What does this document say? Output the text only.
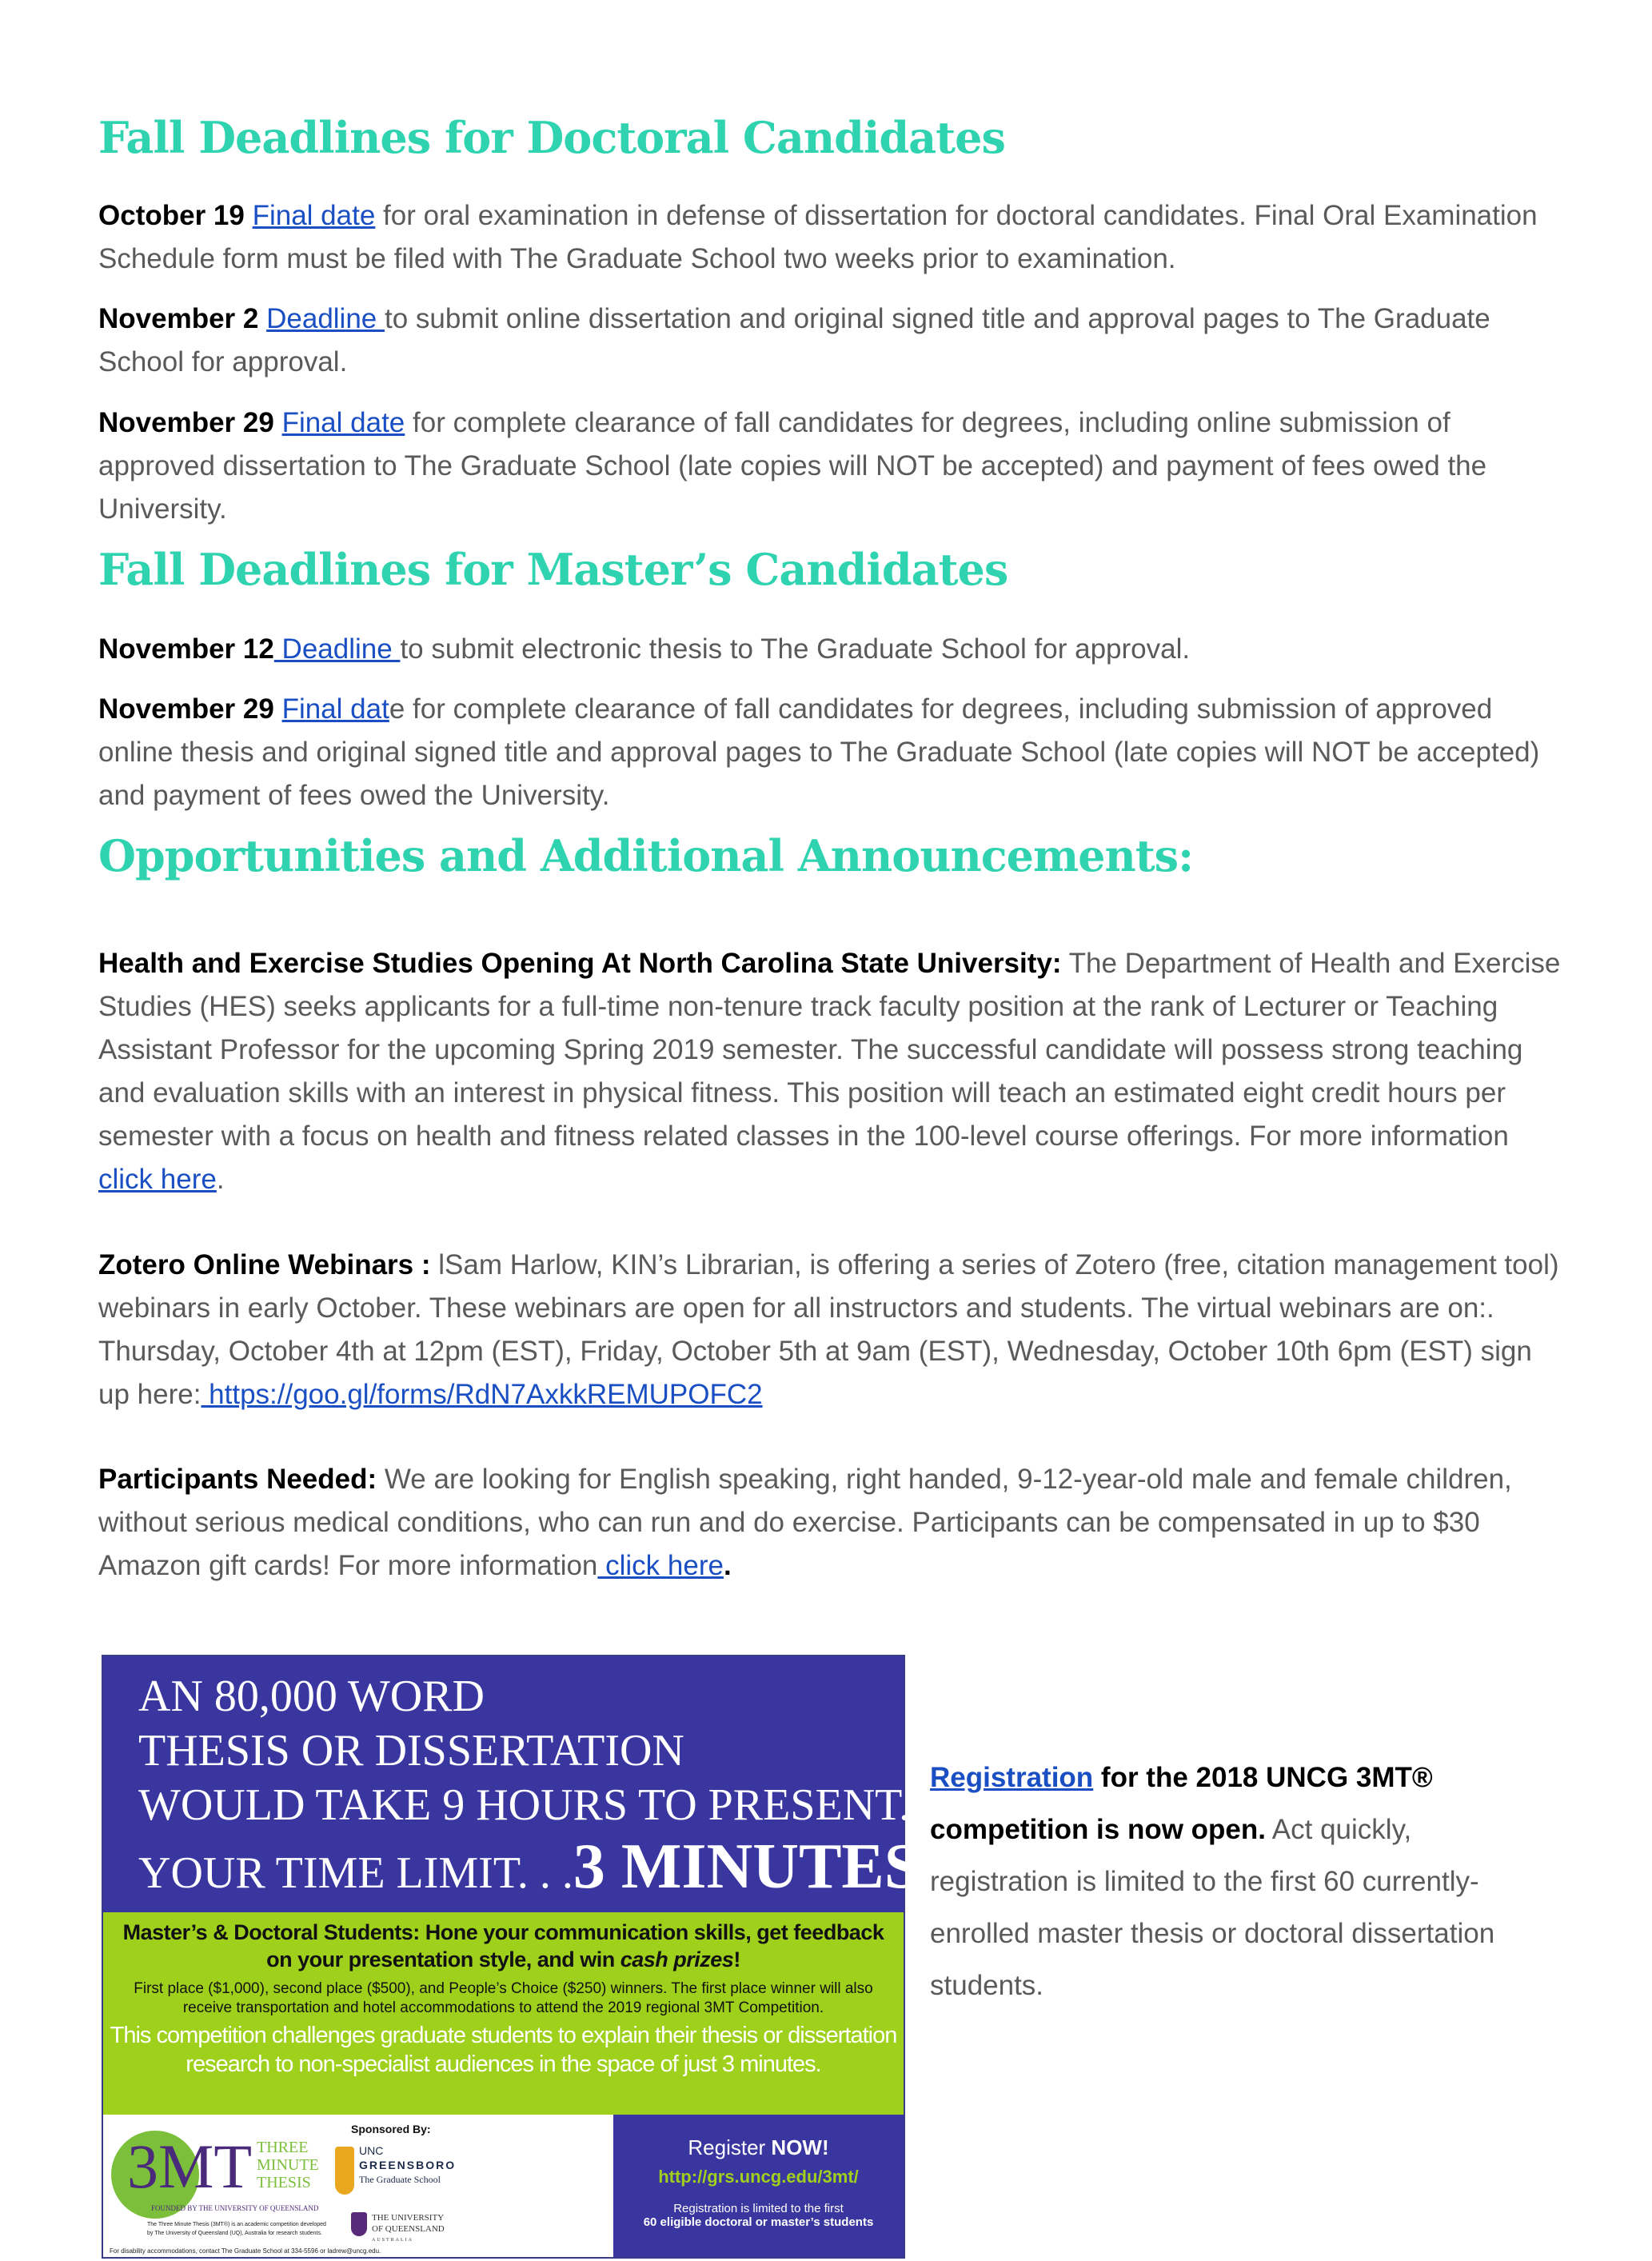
Fall Deadlines for Doctoral Candidates
October 19 Final date for oral examination in defense of dissertation for doctoral candidates. Final Oral Examination Schedule form must be filed with The Graduate School two weeks prior to examination.
November 2 Deadline to submit online dissertation and original signed title and approval pages to The Graduate School for approval.
November 29 Final date for complete clearance of fall candidates for degrees, including online submission of approved dissertation to The Graduate School (late copies will NOT be accepted) and payment of fees owed the University.
Fall Deadlines for Master’s Candidates
November 12 Deadline to submit electronic thesis to The Graduate School for approval.
November 29 Final date for complete clearance of fall candidates for degrees, including submission of approved online thesis and original signed title and approval pages to The Graduate School (late copies will NOT be accepted) and payment of fees owed the University.
Opportunities and Additional Announcements:
Health and Exercise Studies Opening At North Carolina State University: The Department of Health and Exercise Studies (HES) seeks applicants for a full-time non-tenure track faculty position at the rank of Lecturer or Teaching Assistant Professor for the upcoming Spring 2019 semester. The successful candidate will possess strong teaching and evaluation skills with an interest in physical fitness. This position will teach an estimated eight credit hours per semester with a focus on health and fitness related classes in the 100-level course offerings. For more information click here.
Zotero Online Webinars : lSam Harlow, KIN’s Librarian, is offering a series of Zotero (free, citation management tool) webinars in early October. These webinars are open for all instructors and students. The virtual webinars are on:. Thursday, October 4th at 12pm (EST), Friday, October 5th at 9am (EST), Wednesday, October 10th 6pm (EST) sign up here: https://goo.gl/forms/RdN7AxkkREMUPOFC2
Participants Needed: We are looking for English speaking, right handed, 9-12-year-old male and female children, without serious medical conditions, who can run and do exercise. Participants can be compensated in up to $30 Amazon gift cards! For more information click here.
AN 80,000 WORD
THESIS OR DISSERTATION
WOULD TAKE 9 HOURS TO PRESENT.
YOUR TIME LIMIT. . .3 MINUTES.
Master’s & Doctoral Students: Hone your communication skills, get feedback on your presentation style, and win cash prizes!
First place ($1,000), second place ($500), and People’s Choice ($250) winners. The first place winner will also receive transportation and hotel accommodations to attend the 2019 regional 3MT Competition.
This competition challenges graduate students to explain their thesis or dissertation research to non-specialist audiences in the space of just 3 minutes.
3MT THREE
MINUTE
THESIS
FOUNDED BY THE UNIVERSITY OF QUEENSLAND
Sponsored By:
UNC
GREENSBORO
The Graduate School
THE UNIVERSITY
OF QUEENSLAND
AUSTRALIA
The Three Minute Thesis (3MT®) is an academic competition developed by The University of Queensland (UQ), Australia for research students.
For disability accommodations, contact The Graduate School at 334-5596 or ladrew@uncg.edu.
Register NOW!
http://grs.uncg.edu/3mt/
Registration is limited to the first
60 eligible doctoral or master’s students
Registration for the 2018 UNCG 3MT® competition is now open. Act quickly, registration is limited to the first 60 currently-enrolled master thesis or doctoral dissertation students.
